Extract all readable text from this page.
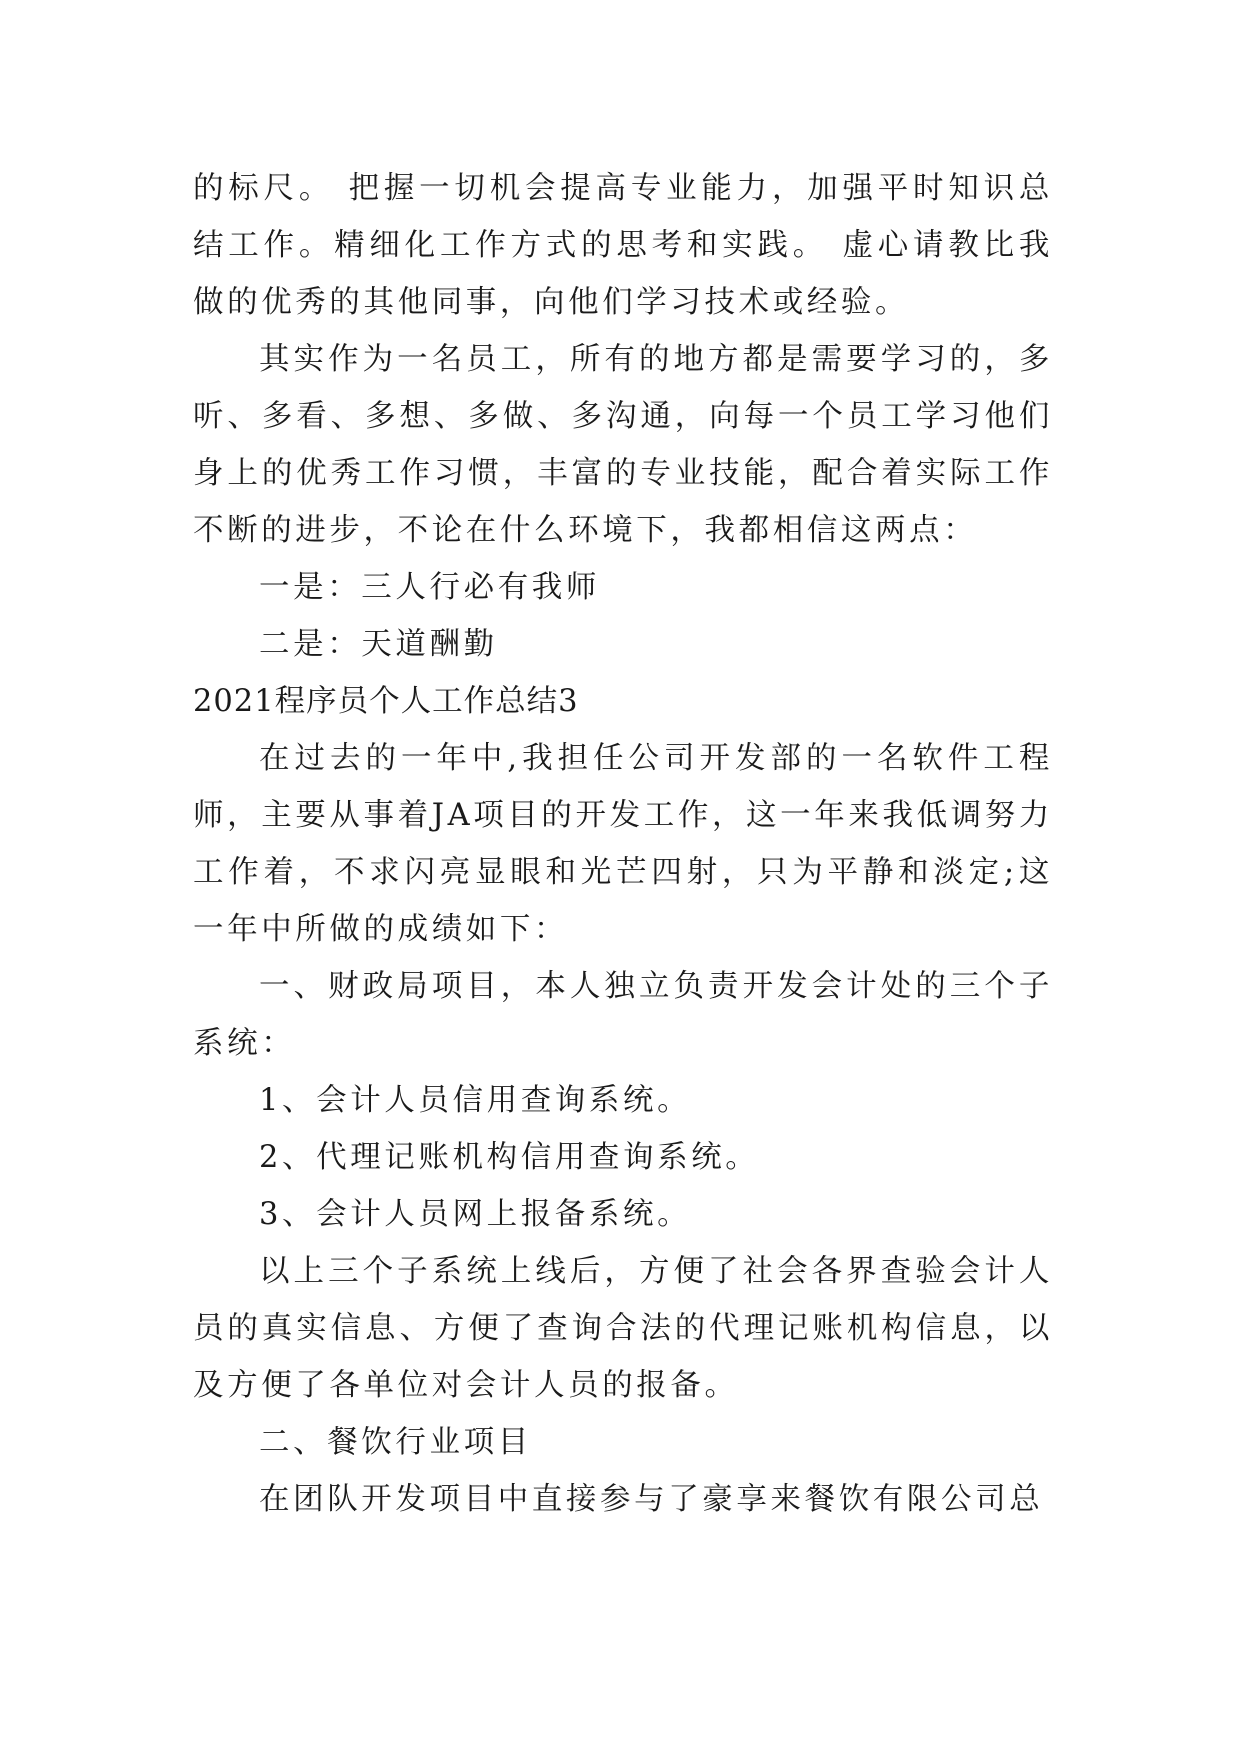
的标尺。 把握一切机会提高专业能力，加强平时知识总结工作。精细化工作方式的思考和实践。 虚心请教比我做的优秀的其他同事，向他们学习技术或经验。

其实作为一名员工，所有的地方都是需要学习的，多听、多看、多想、多做、多沟通，向每一个员工学习他们身上的优秀工作习惯，丰富的专业技能，配合着实际工作不断的进步，不论在什么环境下，我都相信这两点：

一是：三人行必有我师

二是：天道酬勤

2021程序员个人工作总结3

在过去的一年中,我担任公司开发部的一名软件工程师，主要从事着JA项目的开发工作，这一年来我低调努力工作着，不求闪亮显眼和光芒四射，只为平静和淡定;这一年中所做的成绩如下：

一、财政局项目，本人独立负责开发会计处的三个子系统：

1、会计人员信用查询系统。

2、代理记账机构信用查询系统。

3、会计人员网上报备系统。

以上三个子系统上线后，方便了社会各界查验会计人员的真实信息、方便了查询合法的代理记账机构信息，以及方便了各单位对会计人员的报备。

二、餐饮行业项目

在团队开发项目中直接参与了豪享来餐饮有限公司总
